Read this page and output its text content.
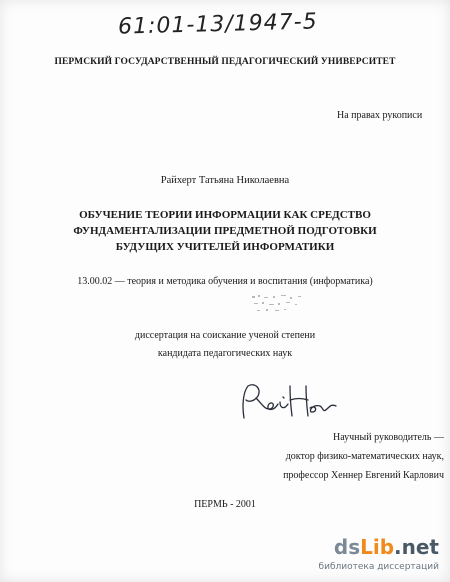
61:01-13/1947-5
ПЕРМСКИЙ ГОСУДАРСТВЕННЫЙ ПЕДАГОГИЧЕСКИЙ УНИВЕРСИТЕТ
На правах рукописи
Райхерт Татьяна Николаевна
ОБУЧЕНИЕ ТЕОРИИ ИНФОРМАЦИИ КАК СРЕДСТВО
ФУНДАМЕНТАЛИЗАЦИИ ПРЕДМЕТНОЙ ПОДГОТОВКИ
БУДУЩИХ УЧИТЕЛЕЙ ИНФОРМАТИКИ
13.00.02 — теория и методика обучения и воспитания (информатика)
диссертация на соискание ученой степени
кандидата педагогических наук
Научный руководитель —
доктор физико-математических наук,
профессор Хеннер Евгений Карлович
ПЕРМЬ - 2001
dsLib.net
библиотека диссертаций
